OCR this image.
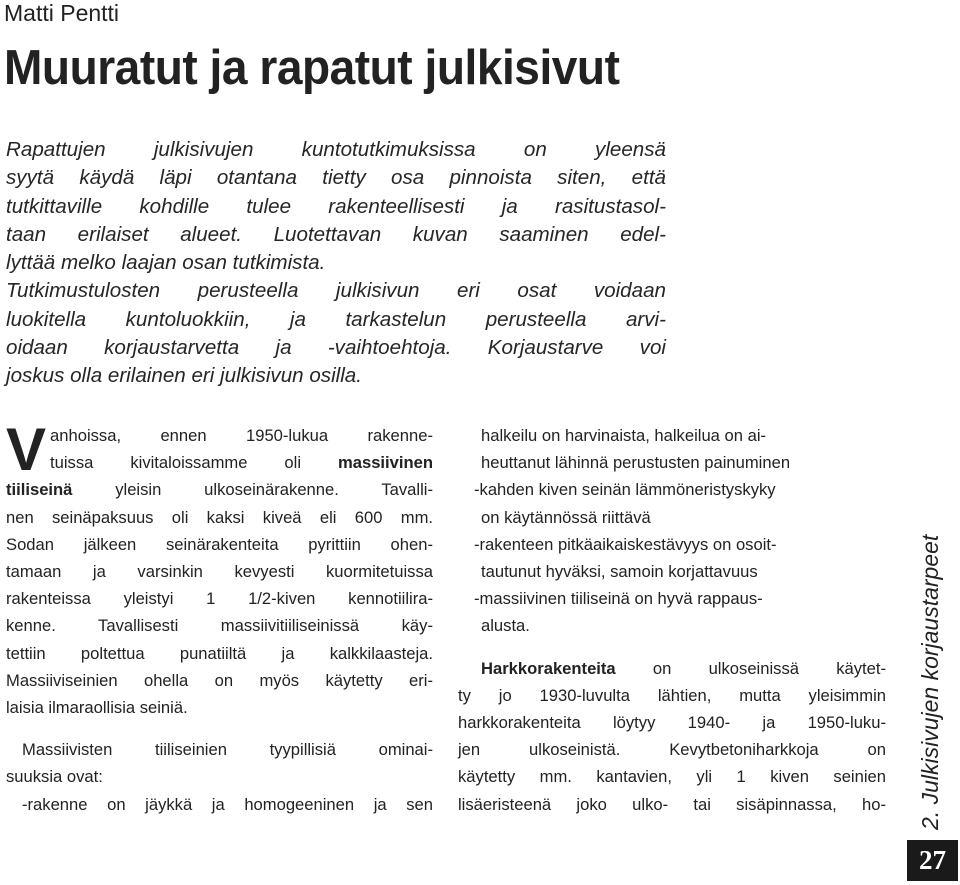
Matti Pentti
Muuratut ja rapatut julkisivut
Rapattujen julkisivujen kuntotutkimuksissa on yleensä
syytä käydä läpi otantana tietty osa pinnoista siten, että
tutkittaville kohdille tulee rakenteellisesti ja rasitustasol-
taan erilaiset alueet. Luotettavan kuvan saaminen edel-
lyttää melko laajan osan tutkimista.
Tutkimustulosten perusteella julkisivun eri osat voidaan
luokitella kuntoluokkiin, ja tarkastelun perusteella arvi-
oidaan korjaustarvetta ja -vaihtoehtoja. Korjaustarve voi
joskus olla erilainen eri julkisivun osilla.
V anhoissa, ennen 1950-lukua rakenne-
tuissa kivitaloissamme oli massiivinen
tiiliseinä yleisin ulkoseinärakenne. Tavalli-
nen seinäpaksuus oli kaksi kiveä eli 600 mm.
Sodan jälkeen seinärakenteita pyrittiin ohen-
tamaan ja varsinkin kevyesti kuormitetuissa
rakenteissa yleistyi 1 1/2-kiven kennotiilira-
kenne. Tavallisesti massiivitiiliseinissä käy-
tettiin poltettua punatiiltä ja kalkkilaasteja.
Massiiviseinien ohella on myös käytetty eri-
laisia ilmaraollisia seiniä.
Massiivisten tiiliseinien tyypillisiä ominai-
suuksia ovat:
-rakenne on jäykkä ja homogeeninen ja sen
halkeilu on harvinaista, halkeilua on ai-
heuttanut lähinnä perustusten painuminen
-kahden kiven seinän lämmöneristyskyky
on käytännössä riittävä
-rakenteen pitkäaikaiskestävyys on osoit-
tautunut hyväksi, samoin korjattavuus
-massiivinen tiiliseinä on hyvä rappaus-
alusta.
Harkkorakenteita on ulkoseinissä käytet-
ty jo 1930-luvulta lähtien, mutta yleisimmin
harkkorakenteita löytyy 1940- ja 1950-luku-
jen ulkoseinistä. Kevytbetoniharkkoja on
käytetty mm. kantavien, yli 1 kiven seinien
lisäeristeenä joko ulko- tai sisäpinnassa, ho- 2. Julkisivujen korjaustarpeet
27
